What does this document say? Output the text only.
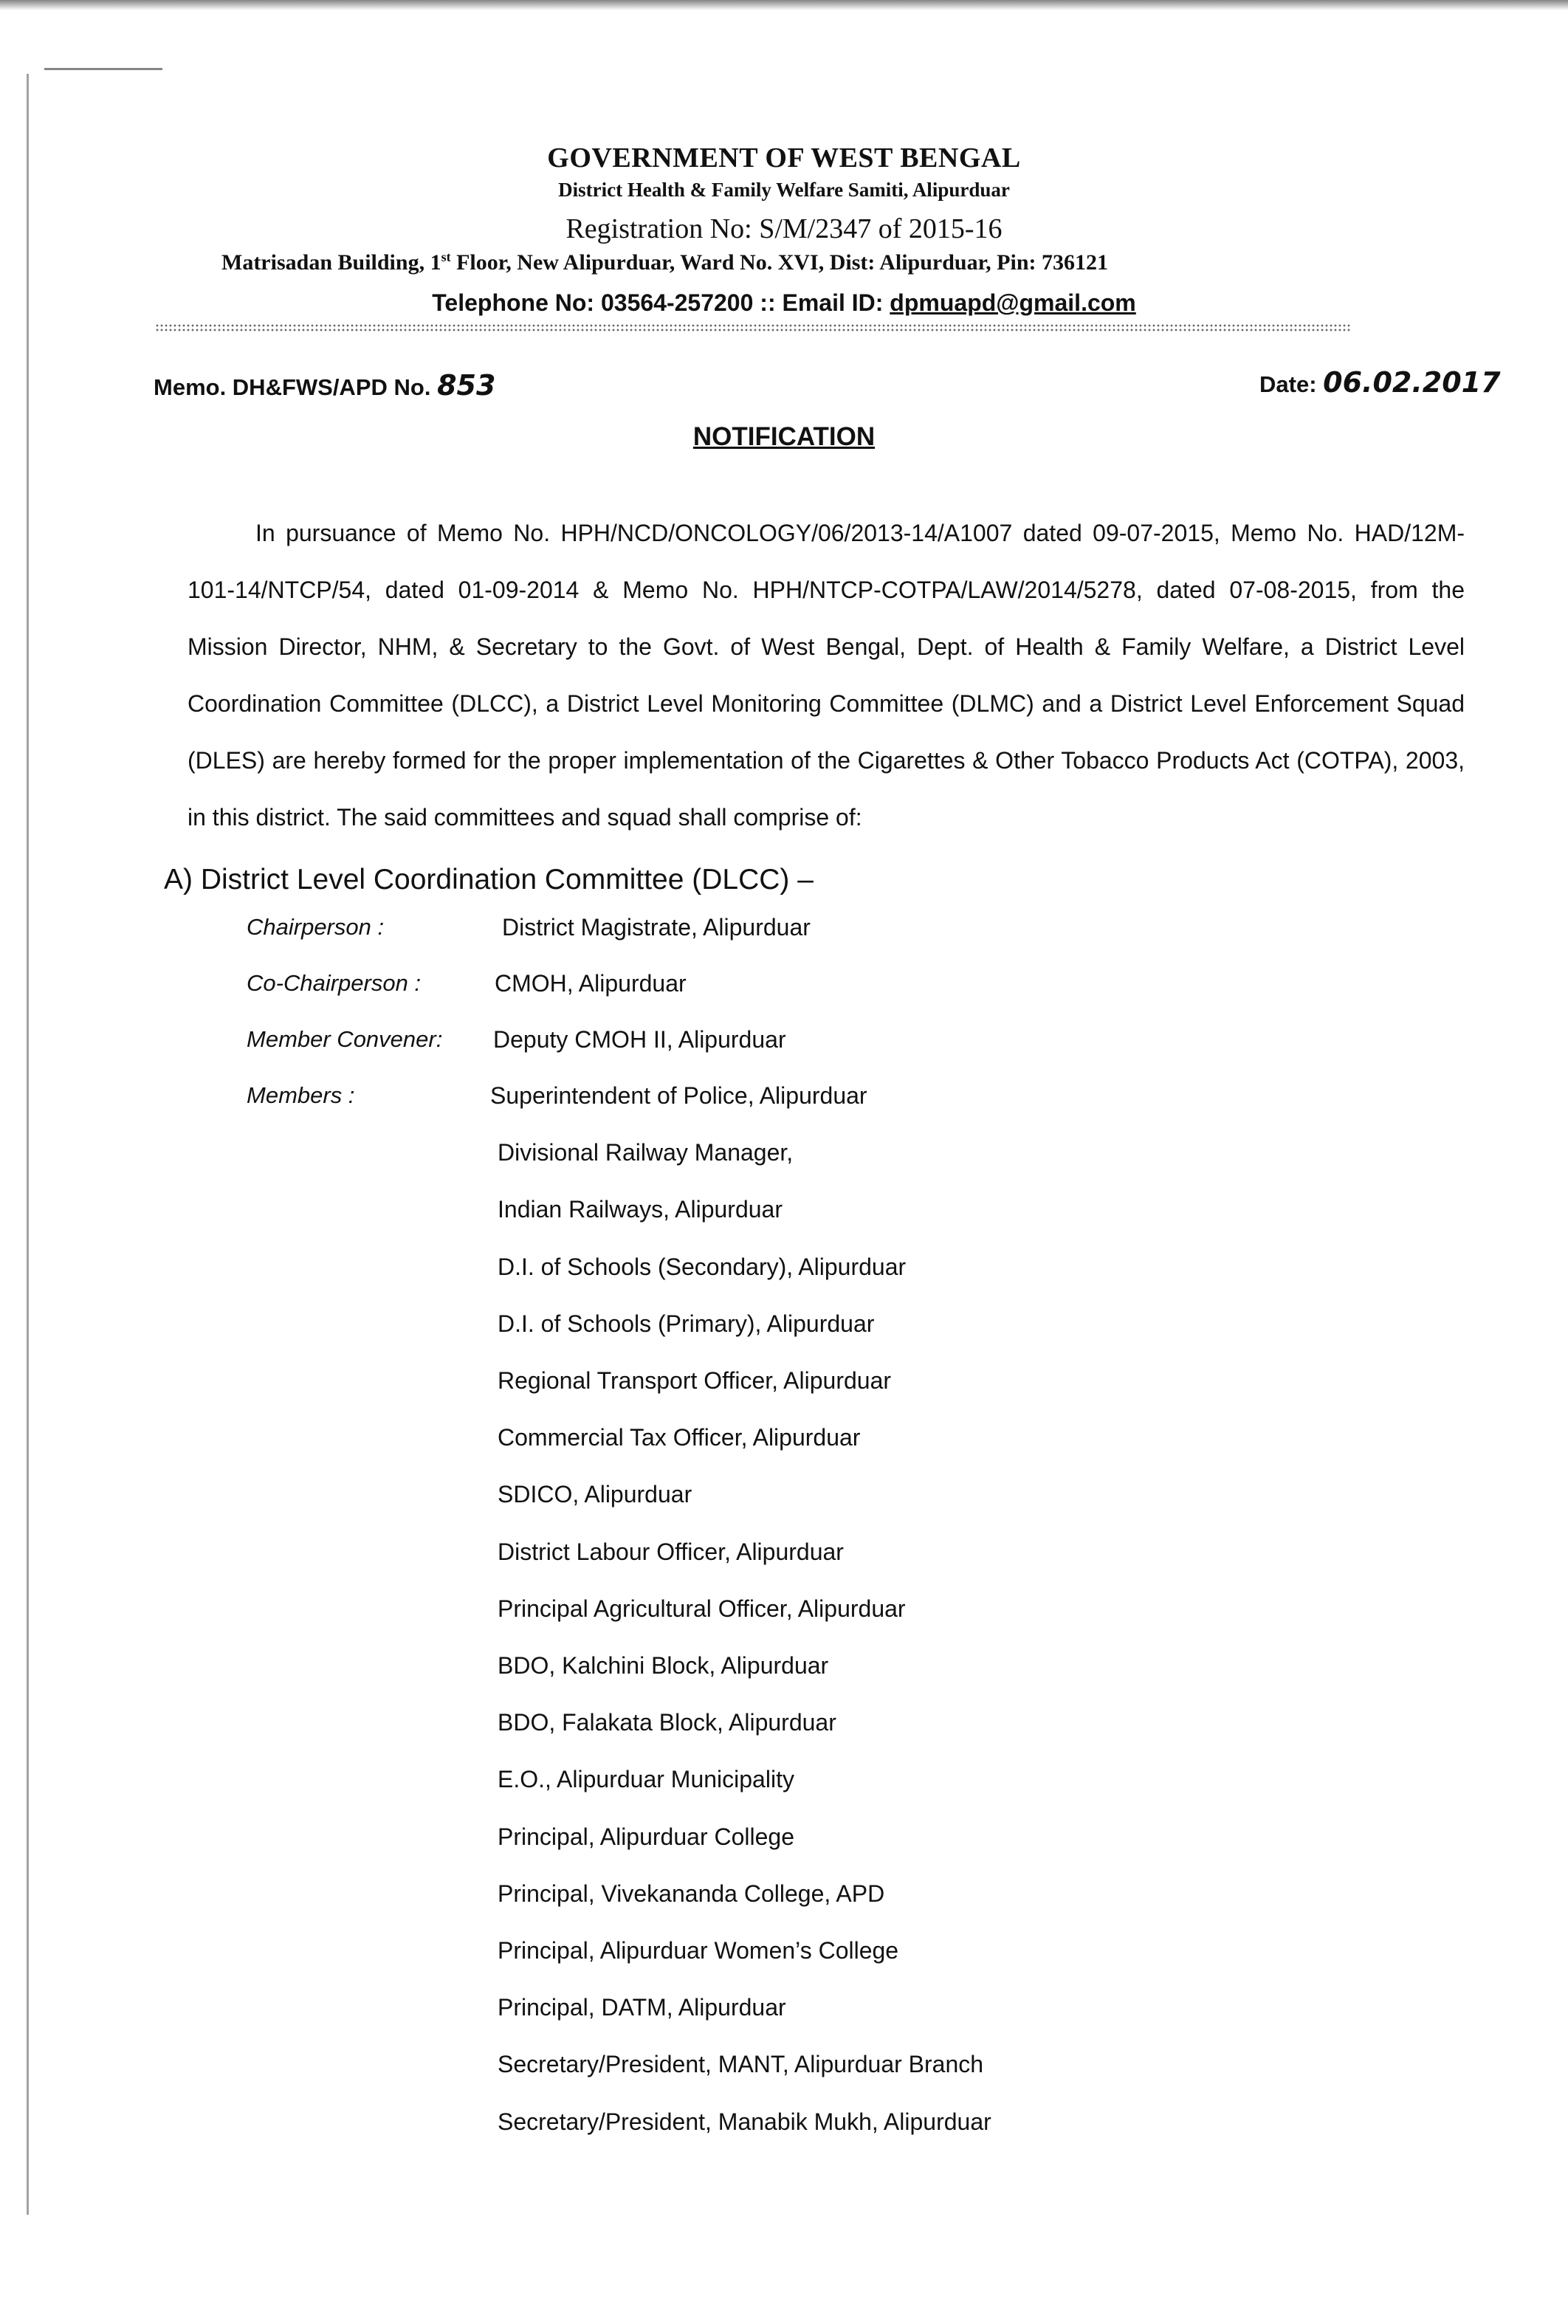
GOVERNMENT OF WEST BENGAL
District Health & Family Welfare Samiti, Alipurduar
Registration No: S/M/2347 of 2015-16
Matrisadan Building, 1st Floor, New Alipurduar, Ward No. XVI, Dist: Alipurduar, Pin: 736121
Telephone No: 03564-257200 :: Email ID: dpmuapd@gmail.com
Memo. DH&FWS/APD No. 853	Date: 06.02.2017
NOTIFICATION
In pursuance of Memo No. HPH/NCD/ONCOLOGY/06/2013-14/A1007 dated 09-07-2015, Memo No. HAD/12M-101-14/NTCP/54, dated 01-09-2014 & Memo No. HPH/NTCP-COTPA/LAW/2014/5278, dated 07-08-2015, from the Mission Director, NHM, & Secretary to the Govt. of West Bengal, Dept. of Health & Family Welfare, a District Level Coordination Committee (DLCC), a District Level Monitoring Committee (DLMC) and a District Level Enforcement Squad (DLES) are hereby formed for the proper implementation of the Cigarettes & Other Tobacco Products Act (COTPA), 2003, in this district. The said committees and squad shall comprise of:
A) District Level Coordination Committee (DLCC) –
Chairperson :	District Magistrate, Alipurduar
Co-Chairperson :	CMOH, Alipurduar
Member Convener: Deputy CMOH II, Alipurduar
Members :	Superintendent of Police, Alipurduar
Divisional Railway Manager,
Indian Railways, Alipurduar
D.I. of Schools (Secondary), Alipurduar
D.I. of Schools (Primary), Alipurduar
Regional Transport Officer, Alipurduar
Commercial Tax Officer, Alipurduar
SDICO, Alipurduar
District Labour Officer, Alipurduar
Principal Agricultural Officer, Alipurduar
BDO, Kalchini Block, Alipurduar
BDO, Falakata Block, Alipurduar
E.O., Alipurduar Municipality
Principal, Alipurduar College
Principal, Vivekananda College, APD
Principal, Alipurduar Women’s College
Principal, DATM, Alipurduar
Secretary/President, MANT, Alipurduar Branch
Secretary/President, Manabik Mukh, Alipurduar
